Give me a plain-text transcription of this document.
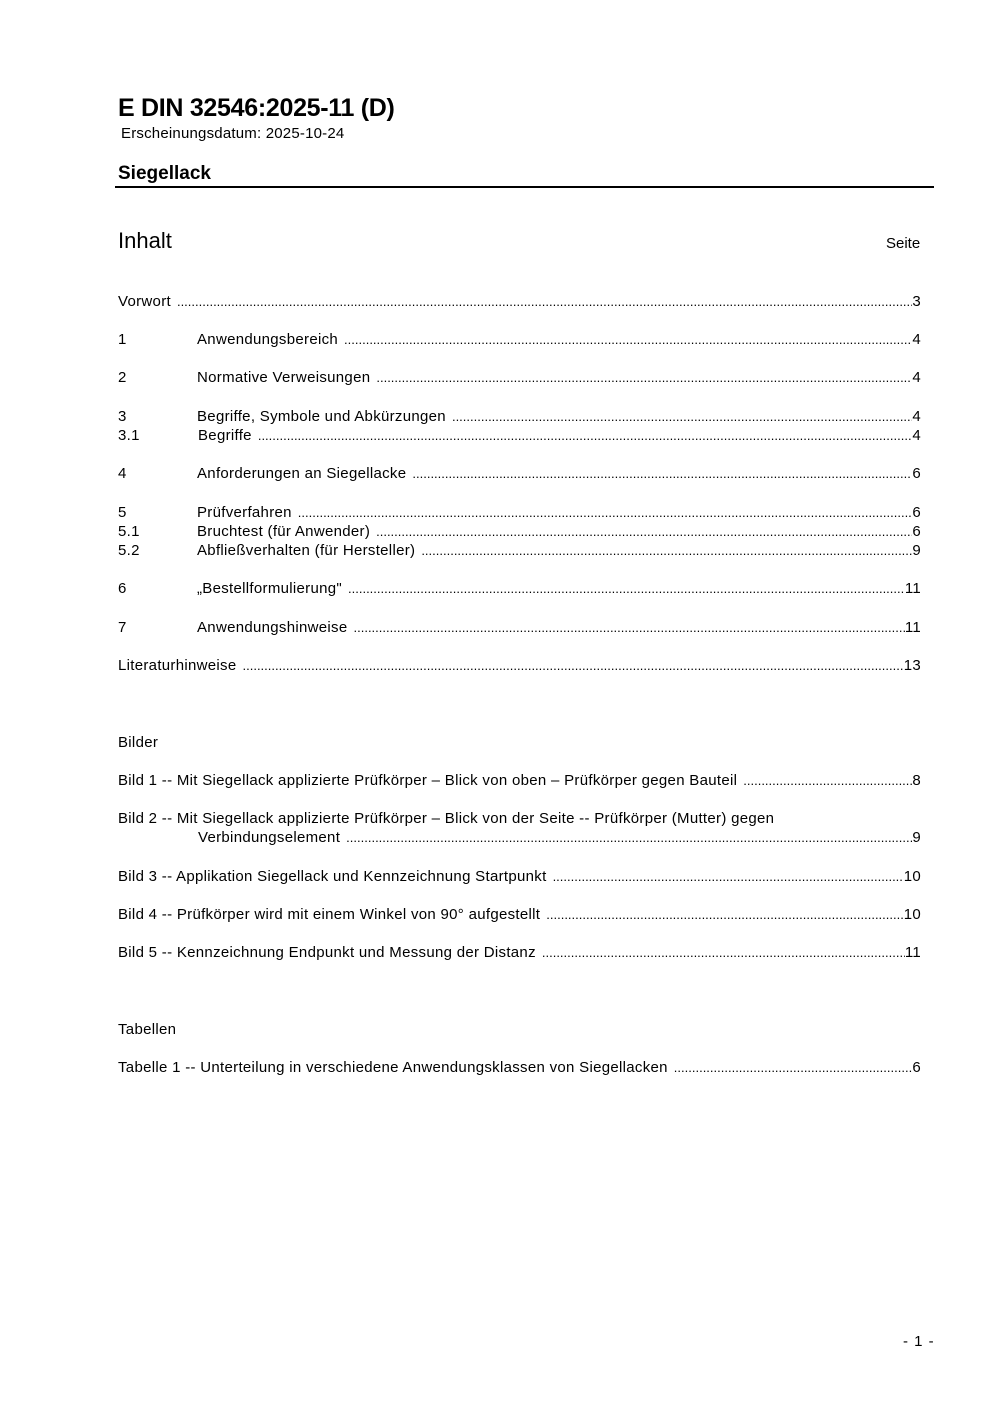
E DIN 32546:2025-11 (D)
Erscheinungsdatum: 2025-10-24
Siegellack
Inhalt	Seite
Vorwort .....	3
1	Anwendungsbereich .....	4
2	Normative Verweisungen .....	4
3	Begriffe, Symbole und Abkürzungen .....	4
3.1	Begriffe .....	4
4	Anforderungen an Siegellacke .....	6
5	Prüfverfahren .....	6
5.1	Bruchtest (für Anwender) .....	6
5.2	Abfließverhalten (für Hersteller) .....	9
6	„Bestellformulierung" .....	11
7	Anwendungshinweise .....	11
Literaturhinweise .....	13
Bilder
Bild 1 -- Mit Siegellack applizierte Prüfkörper – Blick von oben – Prüfkörper gegen Bauteil .....	8
Bild 2 -- Mit Siegellack applizierte Prüfkörper – Blick von der Seite -- Prüfkörper (Mutter) gegen
Verbindungselement .....	9
Bild 3 -- Applikation Siegellack und Kennzeichnung Startpunkt .....	10
Bild 4 -- Prüfkörper wird mit einem Winkel von 90° aufgestellt .....	10
Bild 5 -- Kennzeichnung Endpunkt und Messung der Distanz .....	11
Tabellen
Tabelle 1 -- Unterteilung in verschiedene Anwendungsklassen von Siegellacken .....	6
- 1 -
